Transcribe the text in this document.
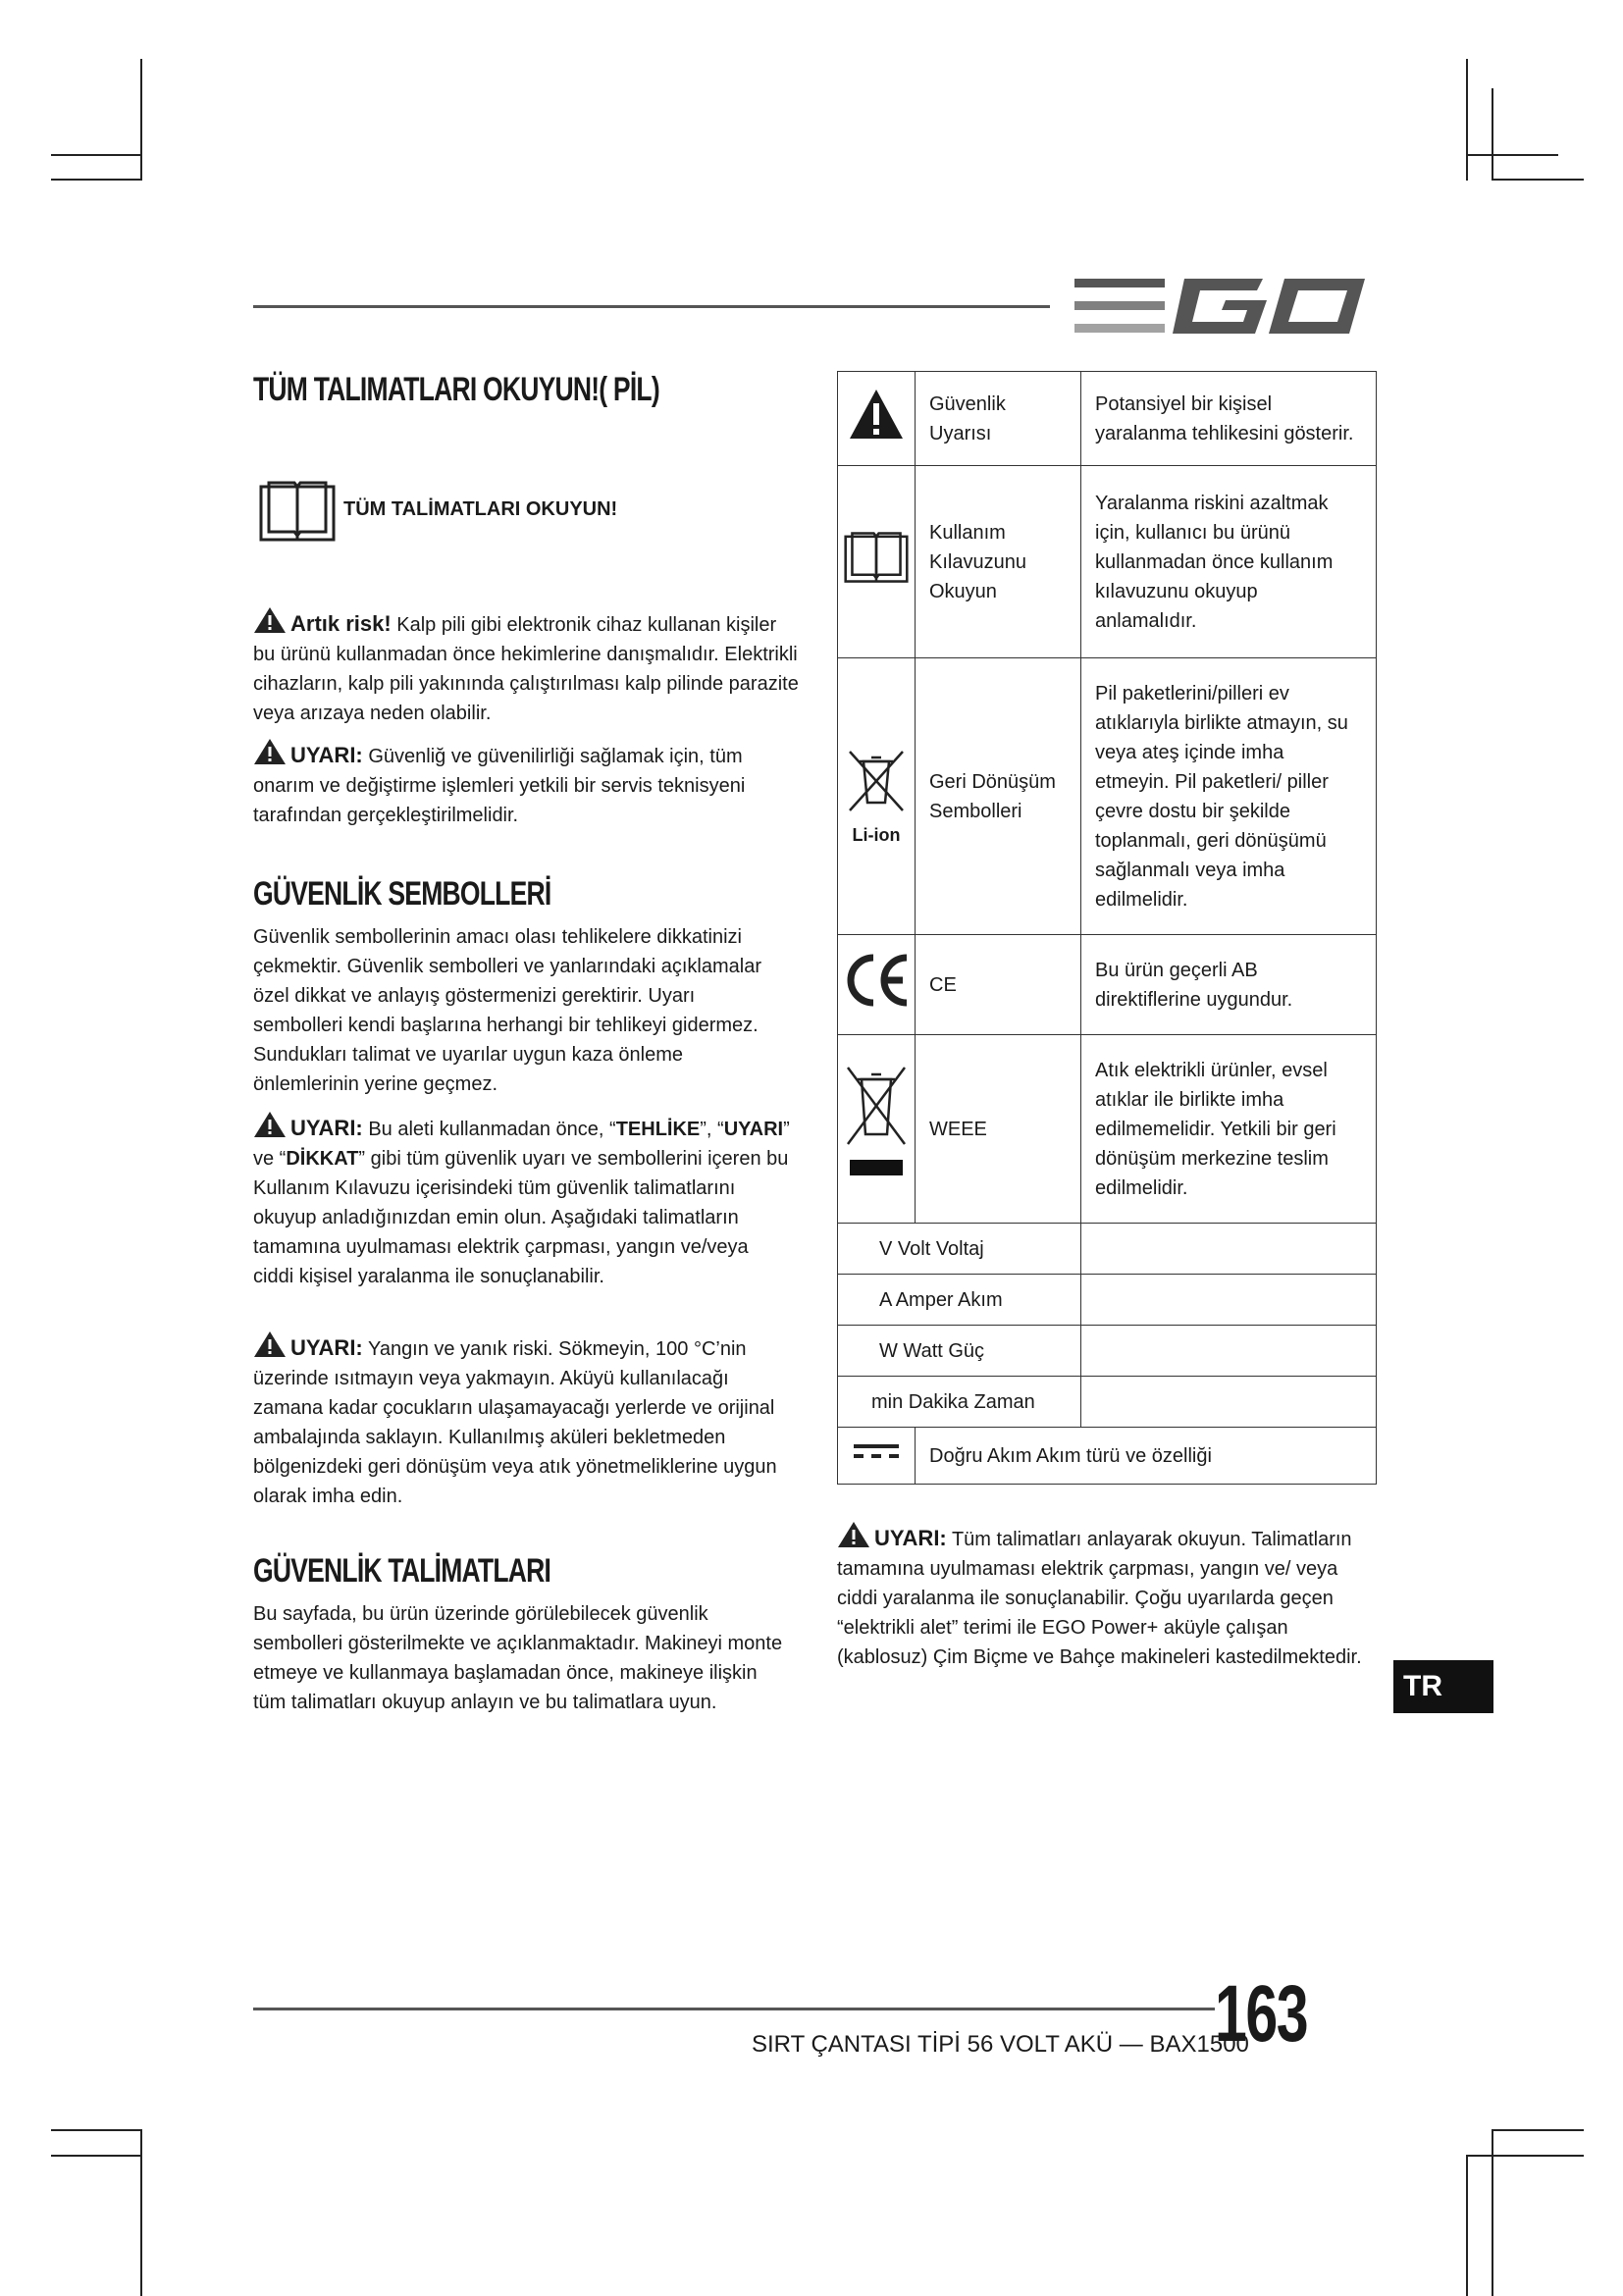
TÜM TALIMATLARI OKUYUN!( PİL)
TÜM TALİMATLARI OKUYUN!
Artık risk! Kalp pili gibi elektronik cihaz kullanan kişiler bu ürünü kullanmadan önce hekimlerine danışmalıdır. Elektrikli cihazların, kalp pili yakınında çalıştırılması kalp pilinde parazite veya arızaya neden olabilir.
UYARI: Güvenliğ ve güvenilirliği sağlamak için, tüm onarım ve değiştirme işlemleri yetkili bir servis teknisyeni tarafından gerçekleştirilmelidir.
GÜVENLİK SEMBOLLERİ
Güvenlik sembollerinin amacı olası tehlikelere dikkatinizi çekmektir. Güvenlik sembolleri ve yanlarındaki açıklamalar özel dikkat ve anlayış göstermenizi gerektirir. Uyarı sembolleri kendi başlarına herhangi bir tehlikeyi gidermez. Sundukları talimat ve uyarılar uygun kaza önleme önlemlerinin yerine geçmez.
UYARI: Bu aleti kullanmadan önce, “TEHLİKE”, “UYARI” ve “DİKKAT” gibi tüm güvenlik uyarı ve sembollerini içeren bu Kullanım Kılavuzu içerisindeki tüm güvenlik talimatlarını okuyup anladığınızdan emin olun. Aşağıdaki talimatların tamamına uyulmaması elektrik çarpması, yangın ve/veya ciddi kişisel yaralanma ile sonuçlanabilir.
UYARI: Yangın ve yanık riski. Sökmeyin, 100 °C’nin üzerinde ısıtmayın veya yakmayın. Aküyü kullanılacağı zamana kadar çocukların ulaşamayacağı yerlerde ve orijinal ambalajında saklayın. Kullanılmış aküleri bekletmeden bölgenizdeki geri dönüşüm veya atık yönetmeliklerine uygun olarak imha edin.
GÜVENLİK TALİMATLARI
Bu sayfada, bu ürün üzerinde görülebilecek güvenlik sembolleri gösterilmekte ve açıklanmaktadır. Makineyi monte etmeye ve kullanmaya başlamadan önce, makineye ilişkin tüm talimatları okuyup anlayın ve bu talimatlara uyun.
	Güvenlik Uyarısı	Potansiyel bir kişisel yaralanma tehlikesini gösterir.
	Kullanım Kılavuzunu Okuyun	Yaralanma riskini azaltmak için, kullanıcı bu ürünü kullanmadan önce kullanım kılavuzunu okuyup anlamalıdır.

Li-ion	Geri Dönüşüm Sembolleri	Pil paketlerini/pilleri ev atıklarıyla birlikte atmayın, su veya ateş içinde imha etmeyin. Pil paketleri/ piller çevre dostu bir şekilde toplanmalı, geri dönüşümü sağlanmalı veya imha edilmelidir.
	CE	Bu ürün geçerli AB direktiflerine uygundur.
	WEEE	Atık elektrikli ürünler, evsel atıklar ile birlikte imha edilmemelidir. Yetkili bir geri dönüşüm merkezine teslim edilmelidir.
V Volt Voltaj		
A Amper Akım		
W Watt Güç		
min Dakika Zaman		
	Doğru Akım Akım türü ve özelliği	
UYARI: Tüm talimatları anlayarak okuyun. Talimatların tamamına uyulmaması elektrik çarpması, yangın ve/ veya ciddi yaralanma ile sonuçlanabilir. Çoğu uyarılarda geçen “elektrikli alet” terimi ile EGO Power+ aküyle çalışan (kablosuz) Çim Biçme ve Bahçe makineleri kastedilmektedir.
TR
SIRT ÇANTASI TİPİ 56 VOLT AKÜ — BAX1500
163
